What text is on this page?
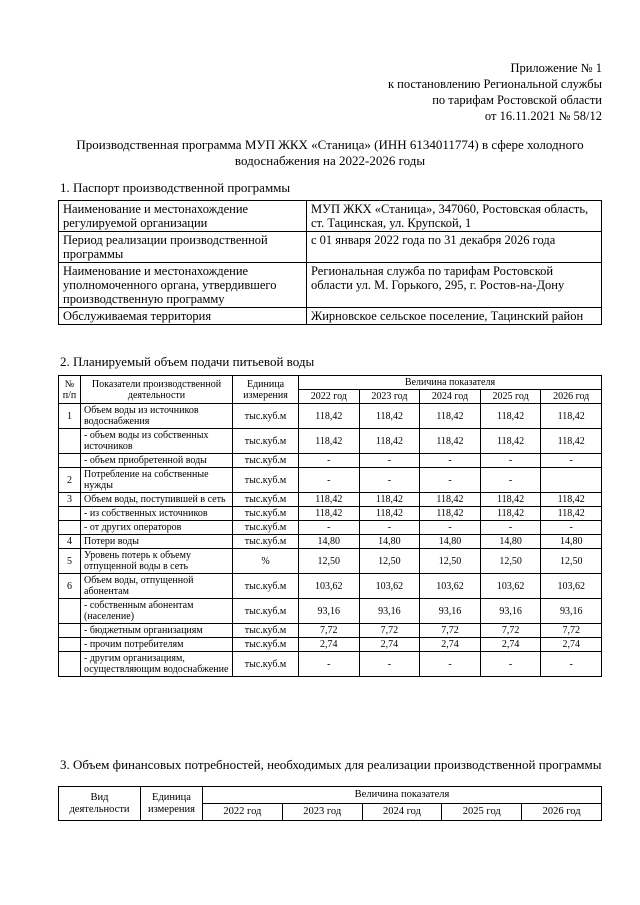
Приложение № 1
к постановлению Региональной службы
по тарифам Ростовской области
от 16.11.2021 № 58/12
Производственная программа МУП ЖКХ «Станица» (ИНН 6134011774) в сфере холодного
водоснабжения на 2022-2026 годы
1. Паспорт производственной программы
Наименование и местонахождение регулируемой организации	МУП ЖКХ «Станица», 347060, Ростовская область, ст. Тацинская, ул. Крупской, 1
Период реализации производственной программы	с 01 января 2022 года по 31 декабря 2026 года
Наименование и местонахождение уполномоченного органа, утвердившего производственную программу	Региональная служба по тарифам Ростовской области ул. М. Горького, 295, г. Ростов-на-Дону
Обслуживаемая территория	Жирновское сельское поселение, Тацинский район
2. Планируемый объем подачи питьевой воды
№ п/п	Показатели производственной деятельности	Единица измерения	Величина показателя				
			2022 год	2023 год	2024 год	2025 год	2026 год
1	Объем воды из источников водоснабжения	тыс.куб.м	118,42	118,42	118,42	118,42	118,42
	- объем воды из собственных источников	тыс.куб.м	118,42	118,42	118,42	118,42	118,42
	- объем приобретенной воды	тыс.куб.м	-	-	-	-	-
2	Потребление на собственные нужды	тыс.куб.м	-	-	-	-	
3	Объем воды, поступившей в сеть	тыс.куб.м	118,42	118,42	118,42	118,42	118,42
	- из собственных источников	тыс.куб.м	118,42	118,42	118,42	118,42	118,42
	- от других операторов	тыс.куб.м	-	-	-	-	-
4	Потери воды	тыс.куб.м	14,80	14,80	14,80	14,80	14,80
5	Уровень потерь к объему отпущенной воды в сеть	%	12,50	12,50	12,50	12,50	12,50
6	Объем воды, отпущенной абонентам	тыс.куб.м	103,62	103,62	103,62	103,62	103,62
	- собственным абонентам (население)	тыс.куб.м	93,16	93,16	93,16	93,16	93,16
	- бюджетным организациям	тыс.куб.м	7,72	7,72	7,72	7,72	7,72
	- прочим потребителям	тыс.куб.м	2,74	2,74	2,74	2,74	2,74
	- другим организациям, осуществляющим водоснабжение	тыс.куб.м	-	-	-	-	-
3. Объем финансовых потребностей, необходимых для реализации производственной программы
Вид деятельности	Единица измерения	Величина показателя				
		2022 год	2023 год	2024 год	2025 год	2026 год
